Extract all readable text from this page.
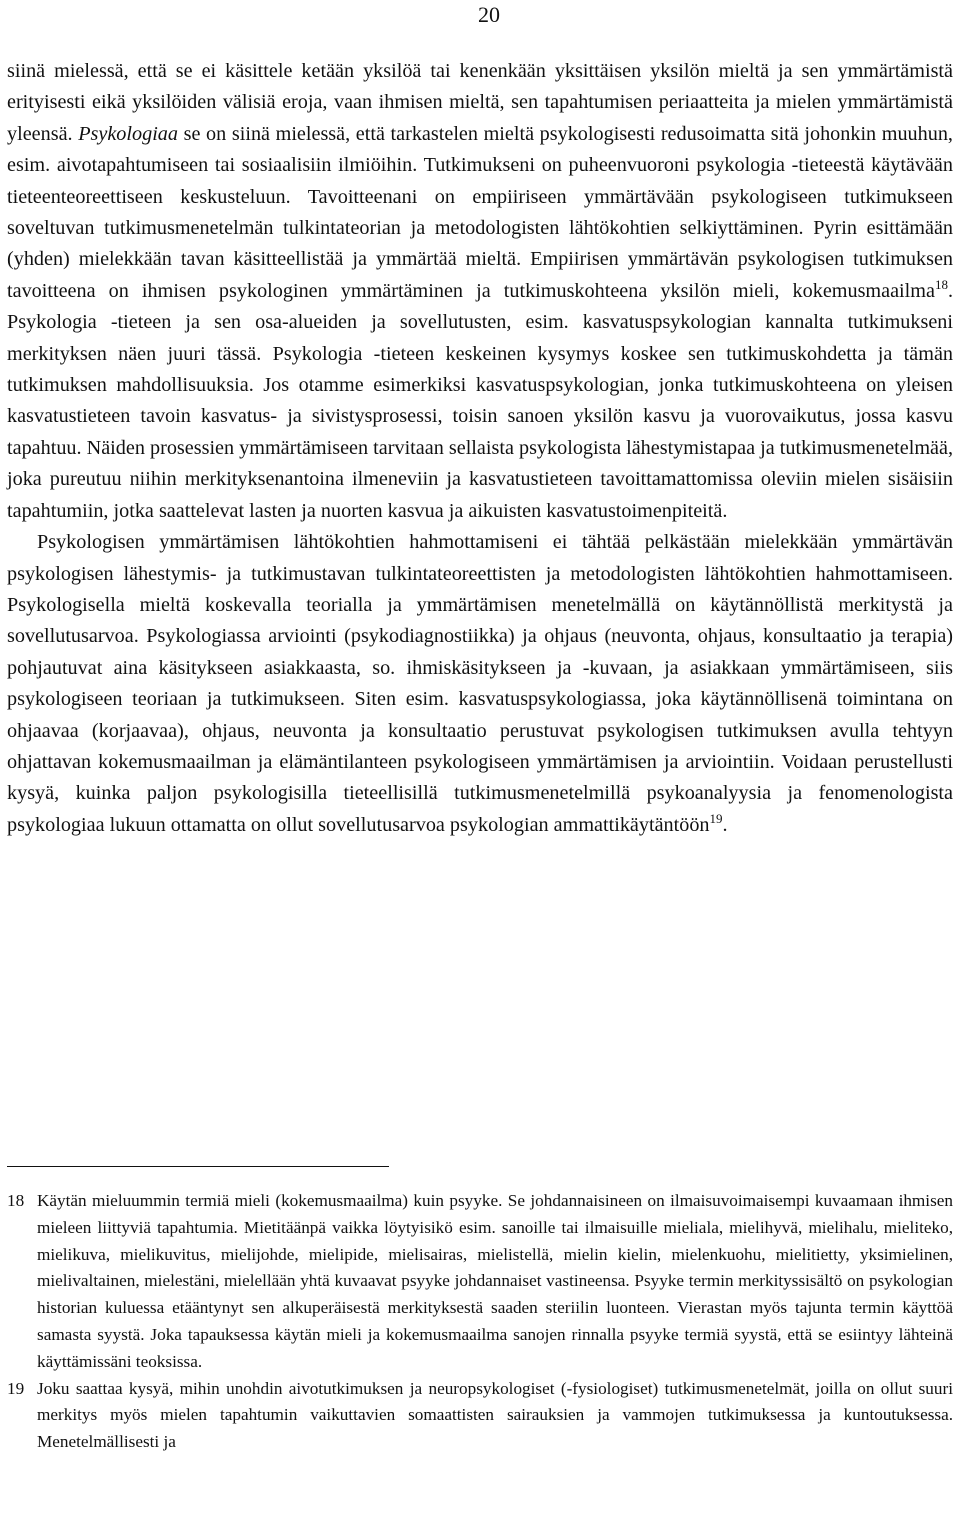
20

siinä mielessä, että se ei käsittele ketään yksilöä tai kenenkään yksittäisen yksilön mieltä ja sen ymmärtämistä erityisesti eikä yksilöiden välisiä eroja, vaan ihmisen mieltä, sen tapahtumisen periaatteita ja mielen ymmärtämistä yleensä. Psykologiaa se on siinä mielessä, että tarkastelen mieltä psykologisesti redusoimatta sitä johonkin muuhun, esim. aivotapahtumiseen tai sosiaalisiin ilmiöihin. Tutkimukseni on puheenvuoroni psykologia -tieteestä käytävään tieteenteoreettiseen keskusteluun. Tavoitteenani on empiiriseen ymmärtävään psykologiseen tutkimukseen soveltuvan tutkimusmenetelmän tulkintateorian ja metodologisten lähtökohtien selkiyttäminen. Pyrin esittämään (yhden) mielekkään tavan käsitteellistää ja ymmärtää mieltä. Empiirisen ymmärtävän psykologisen tutkimuksen tavoitteena on ihmisen psykologinen ymmärtäminen ja tutkimuskohteena yksilön mieli, kokemusmaailma$^{18}$. Psykologia -tieteen ja sen osa-alueiden ja sovellutusten, esim. kasvatuspsykologian kannalta tutkimukseni merkityksen näen juuri tässä. Psykologia -tieteen keskeinen kysymys koskee sen tutkimuskohdetta ja tämän tutkimuksen mahdollisuuksia. Jos otamme esimerkiksi kasvatuspsykologian, jonka tutkimuskohteena on yleisen kasvatustieteen tavoin kasvatus- ja sivistysprosessi, toisin sanoen yksilön kasvu ja vuorovaikutus, jossa kasvu tapahtuu. Näiden prosessien ymmärtämiseen tarvitaan sellaista psykologista lähestymistapaa ja tutkimusmenetelmää, joka pureutuu niihin merkityksenantoina ilmeneviin ja kasvatustieteen tavoittamattomissa oleviin mielen sisäisiin tapahtumiin, jotka saattelevat lasten ja nuorten kasvua ja aikuisten kasvatustoimenpiteitä.

Psykologisen ymmärtämisen lähtökohtien hahmottamiseni ei tähtää pelkästään mielekkään ymmärtävän psykologisen lähestymis- ja tutkimustavan tulkintateoreettisten ja metodologisten lähtökohtien hahmottamiseen. Psykologisella mieltä koskevalla teorialla ja ymmärtämisen menetelmällä on käytännöllistä merkitystä ja sovellutusarvoa. Psykologiassa arviointi (psykodiagnostiikka) ja ohjaus (neuvonta, ohjaus, konsultaatio ja terapia) pohjautuvat aina käsitykseen asiakkaasta, so. ihmiskäsitykseen ja -kuvaan, ja asiakkaan ymmärtämiseen, siis psykologiseen teoriaan ja tutkimukseen. Siten esim. kasvatuspsykologiassa, joka käytännöllisenä toimintana on ohjaavaa (korjaavaa), ohjaus, neuvonta ja konsultaatio perustuvat psykologisen tutkimuksen avulla tehtyyn ohjattavan kokemusmaailman ja elämäntilanteen psykologiseen ymmärtämisen ja arviointiin. Voidaan perustellusti kysyä, kuinka paljon psykologisilla tieteellisillä tutkimusmenetelmillä psykoanalyysia ja fenomenologista psykologiaa lukuun ottamatta on ollut sovellutusarvoa psykologian ammattikäytäntöön$^{19}$.

18 Käytän mieluummin termiä mieli (kokemusmaailma) kuin psyyke. Se johdannaisineen on ilmaisuvoimaisempi kuvaamaan ihmisen mieleen liittyviä tapahtumia. Mietitäänpä vaikka löytyisikö esim. sanoille tai ilmaisuille mieliala, mielihyvä, mielihalu, mieliteko, mielikuva, mielikuvitus, mielijohde, mielipide, mielisairas, mielistellä, mielin kielin, mielenkuohu, mielitietty, yksimielinen, mielivaltainen, mielestäni, mielellään yhtä kuvaavat psyyke johdannaiset vastineensa. Psyyke termin merkityssisältö on psykologian historian kuluessa etääntynyt sen alkuperäisestä merkityksestä saaden steriilin luonteen. Vierastan myös tajunta termin käyttöä samasta syystä. Joka tapauksessa käytän mieli ja kokemusmaailma sanojen rinnalla psyyke termiä syystä, että se esiintyy lähteinä käyttämissäni teoksissa.
19 Joku saattaa kysyä, mihin unohdin aivotutkimuksen ja neuropsykologiset (-fysiologiset) tutkimusmenetelmät, joilla on ollut suuri merkitys myös mielen tapahtumin vaikuttavien somaattisten sairauksien ja vammojen tutkimuksessa ja kuntoutuksessa. Menetelmällisesti ja
